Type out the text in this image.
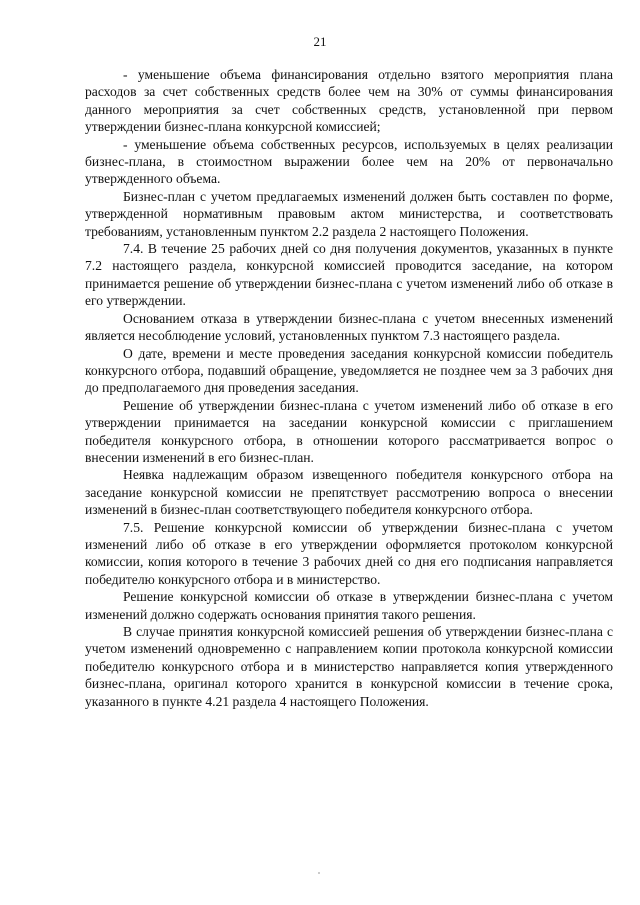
21

- уменьшение объема финансирования отдельно взятого мероприятия плана расходов за счет собственных средств более чем на 30% от суммы финансирования данного мероприятия за счет собственных средств, установленной при первом утверждении бизнес-плана конкурсной комиссией;

- уменьшение объема собственных ресурсов, используемых в целях реализации бизнес-плана, в стоимостном выражении более чем на 20% от первоначально утвержденного объема.

Бизнес-план с учетом предлагаемых изменений должен быть составлен по форме, утвержденной нормативным правовым актом министерства, и соответствовать требованиям, установленным пунктом 2.2 раздела 2 настоящего Положения.

7.4. В течение 25 рабочих дней со дня получения документов, указанных в пункте 7.2 настоящего раздела, конкурсной комиссией проводится заседание, на котором принимается решение об утверждении бизнес-плана с учетом изменений либо об отказе в его утверждении.

Основанием отказа в утверждении бизнес-плана с учетом внесенных изменений является несоблюдение условий, установленных пунктом 7.3 настоящего раздела.

О дате, времени и месте проведения заседания конкурсной комиссии победитель конкурсного отбора, подавший обращение, уведомляется не позднее чем за 3 рабочих дня до предполагаемого дня проведения заседания.

Решение об утверждении бизнес-плана с учетом изменений либо об отказе в его утверждении принимается на заседании конкурсной комиссии с приглашением победителя конкурсного отбора, в отношении которого рассматривается вопрос о внесении изменений в его бизнес-план.

Неявка надлежащим образом извещенного победителя конкурсного отбора на заседание конкурсной комиссии не препятствует рассмотрению вопроса о внесении изменений в бизнес-план соответствующего победителя конкурсного отбора.

7.5. Решение конкурсной комиссии об утверждении бизнес-плана с учетом изменений либо об отказе в его утверждении оформляется протоколом конкурсной комиссии, копия которого в течение 3 рабочих дней со дня его подписания направляется победителю конкурсного отбора и в министерство.

Решение конкурсной комиссии об отказе в утверждении бизнес-плана с учетом изменений должно содержать основания принятия такого решения.

В случае принятия конкурсной комиссией решения об утверждении бизнес-плана с учетом изменений одновременно с направлением копии протокола конкурсной комиссии победителю конкурсного отбора и в министерство направляется копия утвержденного бизнес-плана, оригинал которого хранится в конкурсной комиссии в течение срока, указанного в пункте 4.21 раздела 4 настоящего Положения.
